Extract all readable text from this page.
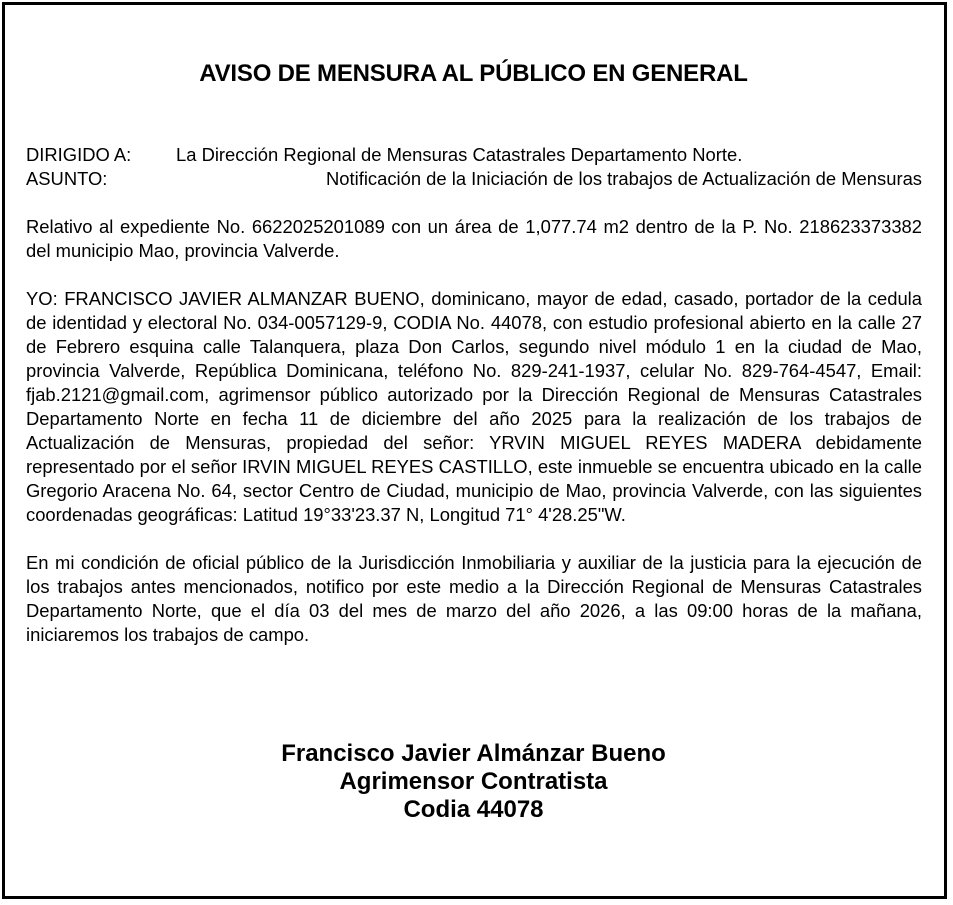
AVISO DE MENSURA AL PÚBLICO EN GENERAL
DIRIGIDO A: La Dirección Regional de Mensuras Catastrales Departamento Norte.
ASUNTO:	Notificación de la Iniciación de los trabajos de Actualización de Mensuras

Relativo al expediente No. 6622025201089 con un área de 1,077.74 m2 dentro de la P. No. 218623373382 del municipio Mao, provincia Valverde.

YO: FRANCISCO JAVIER ALMANZAR BUENO, dominicano, mayor de edad, casado, portador de la cedula de identidad y electoral No. 034-0057129-9, CODIA No. 44078, con estudio profesional abierto en la calle 27 de Febrero esquina calle Talanquera, plaza Don Carlos, segundo nivel módulo 1 en la ciudad de Mao, provincia Valverde, República Dominicana, teléfono No. 829-241-1937, celular No. 829-764-4547, Email: fjab.2121@gmail.com, agrimensor público autorizado por la Dirección Regional de Mensuras Catastrales Departamento Norte en fecha 11 de diciembre del año 2025 para la realización de los trabajos de Actualización de Mensuras, propiedad del señor: YRVIN MIGUEL REYES MADERA debidamente representado por el señor IRVIN MIGUEL REYES CASTILLO, este inmueble se encuentra ubicado en la calle Gregorio Aracena No. 64, sector Centro de Ciudad, municipio de Mao, provincia Valverde, con las siguientes coordenadas geográficas: Latitud 19°33'23.37 N, Longitud 71° 4'28.25"W.

En mi condición de oficial público de la Jurisdicción Inmobiliaria y auxiliar de la justicia para la ejecución de los trabajos antes mencionados, notifico por este medio a la Dirección Regional de Mensuras Catastrales Departamento Norte, que el día 03 del mes de marzo del año 2026, a las 09:00 horas de la mañana, iniciaremos los trabajos de campo.

Francisco Javier Almánzar Bueno
Agrimensor Contratista
Codia 44078
